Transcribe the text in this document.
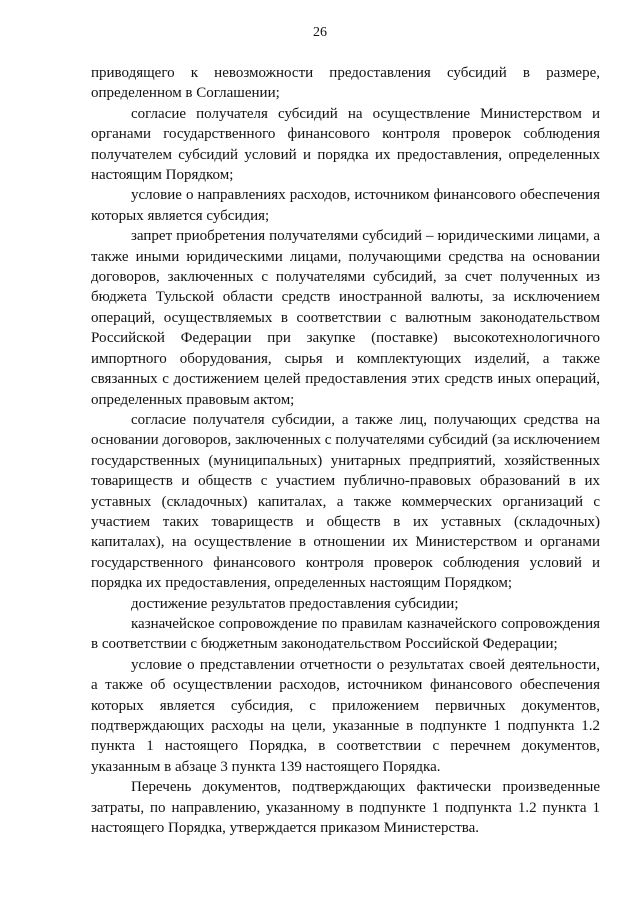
26

приводящего к невозможности предоставления субсидий в размере, определенном в Соглашении;

согласие получателя субсидий на осуществление Министерством и органами государственного финансового контроля проверок соблюдения получателем субсидий условий и порядка их предоставления, определенных настоящим Порядком;

условие о направлениях расходов, источником финансового обеспечения которых является субсидия;

запрет приобретения получателями субсидий – юридическими лицами, а также иными юридическими лицами, получающими средства на основании договоров, заключенных с получателями субсидий, за счет полученных из бюджета Тульской области средств иностранной валюты, за исключением операций, осуществляемых в соответствии с валютным законодательством Российской Федерации при закупке (поставке) высокотехнологичного импортного оборудования, сырья и комплектующих изделий, а также связанных с достижением целей предоставления этих средств иных операций, определенных правовым актом;

согласие получателя субсидии, а также лиц, получающих средства на основании договоров, заключенных с получателями субсидий (за исключением государственных (муниципальных) унитарных предприятий, хозяйственных товариществ и обществ с участием публично-правовых образований в их уставных (складочных) капиталах, а также коммерческих организаций с участием таких товариществ и обществ в их уставных (складочных) капиталах), на осуществление в отношении их Министерством и органами государственного финансового контроля проверок соблюдения условий и порядка их предоставления, определенных настоящим Порядком;

достижение результатов предоставления субсидии;

казначейское сопровождение по правилам казначейского сопровождения в соответствии с бюджетным законодательством Российской Федерации;

условие о представлении отчетности о результатах своей деятельности, а также об осуществлении расходов, источником финансового обеспечения которых является субсидия, с приложением первичных документов, подтверждающих расходы на цели, указанные в подпункте 1 подпункта 1.2 пункта 1 настоящего Порядка, в соответствии с перечнем документов, указанным в абзаце 3 пункта 139 настоящего Порядка.

Перечень документов, подтверждающих фактически произведенные затраты, по направлению, указанному в подпункте 1 подпункта 1.2 пункта 1 настоящего Порядка, утверждается приказом Министерства.
